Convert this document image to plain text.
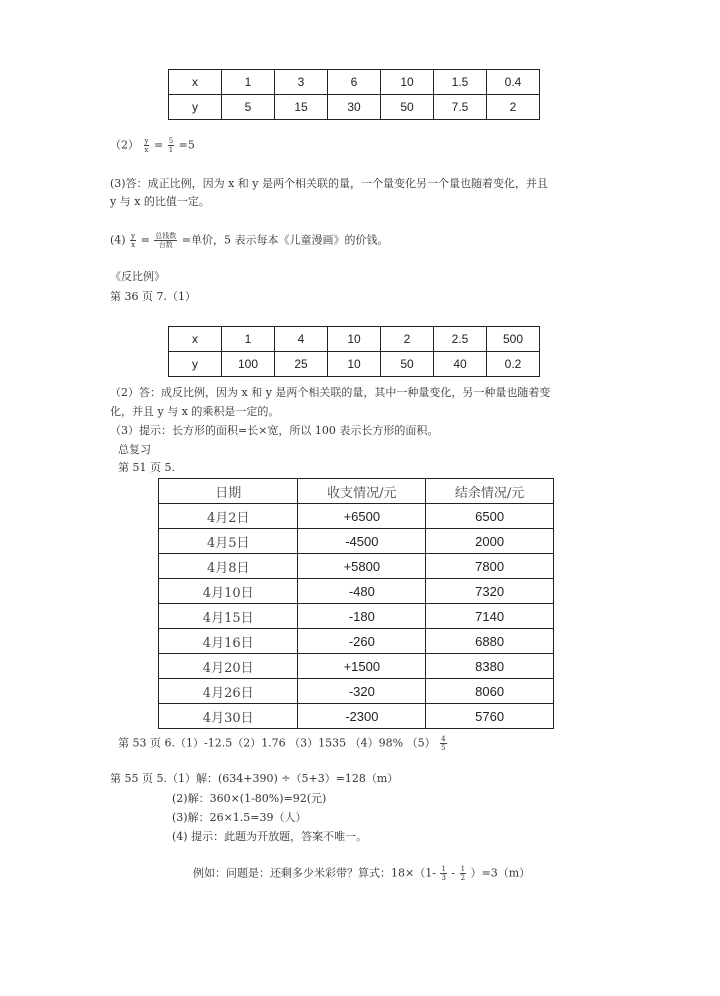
x	1	3	6	10	1.5	0.4
y	5	15	30	50	7.5	2
$(2) \frac{y}{x} = \frac{5}{1} =5$
(3)答：成正比例，因为 x 和 y 是两个相关联的量，一个量变化另一个量也随着变化，并且
y 与 x 的比值一定。
$(4) \frac{y}{x} = \frac{\text{总钱数}}{\text{台数}}$ =单价，5 表示每本《儿童漫画》的价钱。
《反比例》
第 36 页 7.（1）
x	1	4	10	2	2.5	500
y	100	25	10	50	40	0.2
（2）答：成反比例，因为 x 和 y 是两个相关联的量，其中一种量变化，另一种量也随着变
化，并且 y 与 x 的乘积是一定的。
（3）提示：长方形的面积=长×宽，所以 100 表示长方形的面积。
总复习
第 51 页 5.
日期	收支情况/元	结余情况/元
4月2日	+6500	6500
4月5日	-4500	2000
4月8日	+5800	7800
4月10日	-480	7320
4月15日	-180	7140
4月16日	-260	6880
4月20日	+1500	8380
4月26日	-320	8060
4月30日	-2300	5760
第 53 页 6.（1）-12.5（2）1.76 （3）1535 （4）98% $(5) \frac{4}{5}$
第 55 页 5.（1）解：(634+390) ÷（5+3）=128（m）
(2)解：360×(1-80%)=92(元)
(3)解：26×1.5=39（人）
(4) 提示：此题为开放题，答案不唯一。
例如：问题是：还剩多少米彩带？算式：$18\times(1- \frac{1}{3} - \frac{1}{2} )=3(m)$
